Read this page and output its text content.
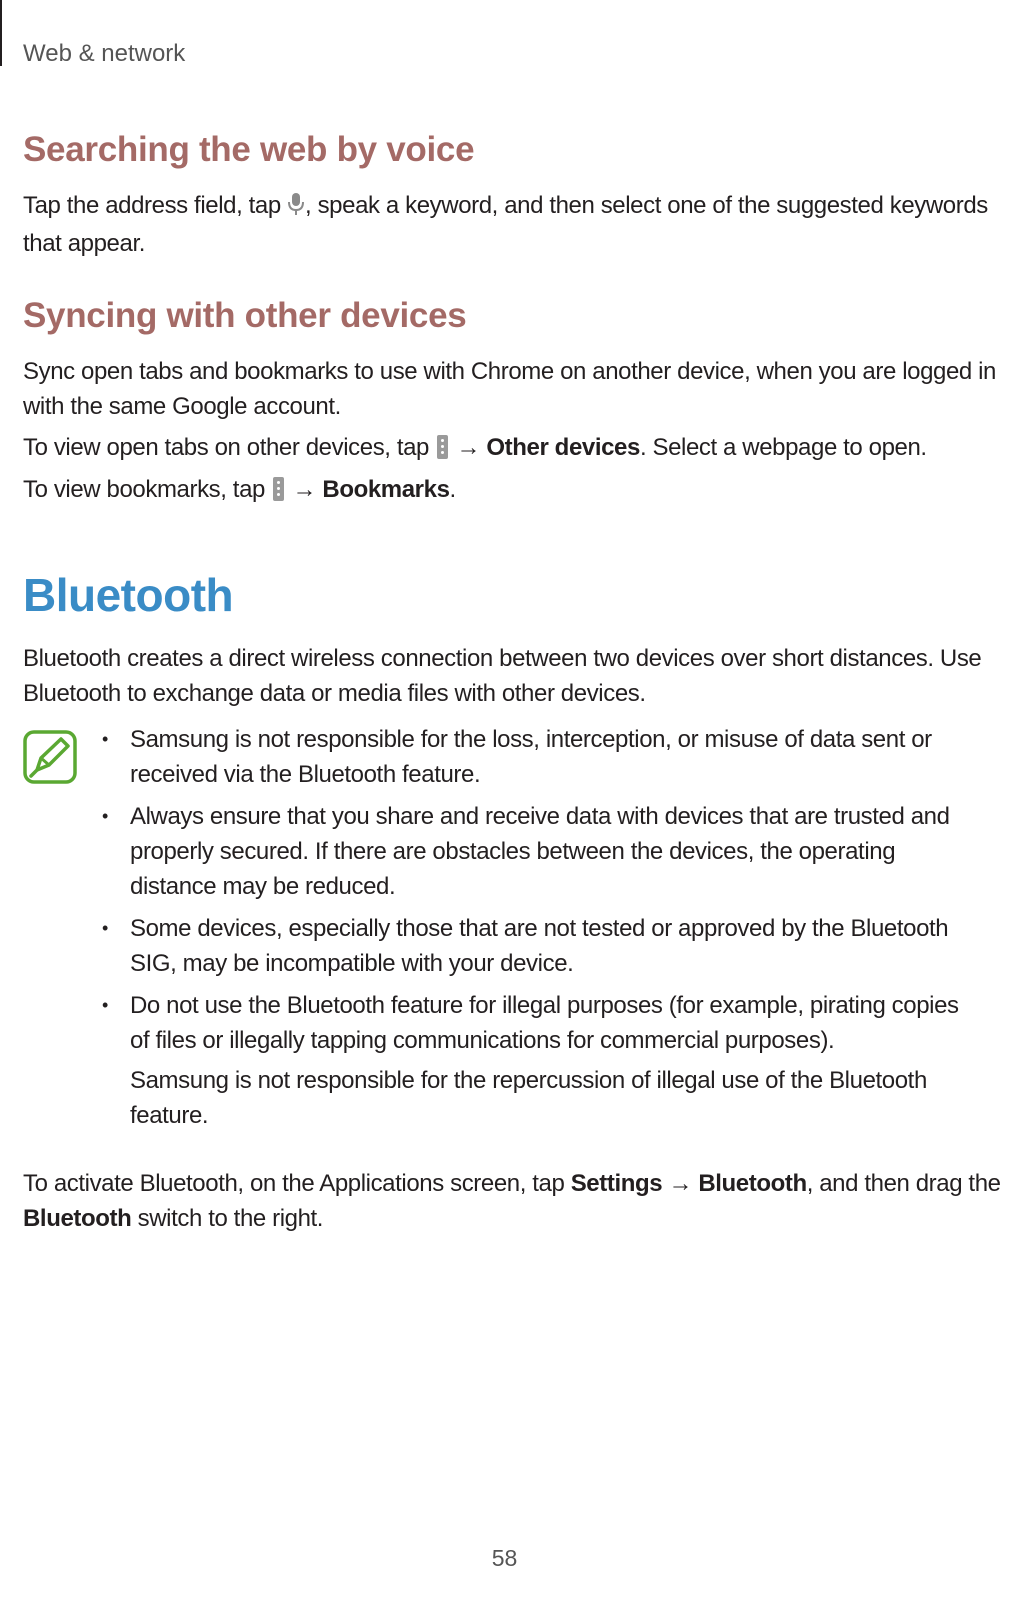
Web & network
Searching the web by voice

Tap the address field, tap , speak a keyword, and then select one of the suggested keywords that appear.

Syncing with other devices

Sync open tabs and bookmarks to use with Chrome on another device, when you are logged in with the same Google account.

To view open tabs on other devices, tap  → Other devices. Select a webpage to open.

To view bookmarks, tap  → Bookmarks.

Bluetooth

Bluetooth creates a direct wireless connection between two devices over short distances. Use Bluetooth to exchange data or media files with other devices.

• Samsung is not responsible for the loss, interception, or misuse of data sent or received via the Bluetooth feature.
• Always ensure that you share and receive data with devices that are trusted and properly secured. If there are obstacles between the devices, the operating distance may be reduced.
• Some devices, especially those that are not tested or approved by the Bluetooth SIG, may be incompatible with your device.
• Do not use the Bluetooth feature for illegal purposes (for example, pirating copies of files or illegally tapping communications for commercial purposes).
Samsung is not responsible for the repercussion of illegal use of the Bluetooth feature.

To activate Bluetooth, on the Applications screen, tap Settings → Bluetooth, and then drag the Bluetooth switch to the right.

58
